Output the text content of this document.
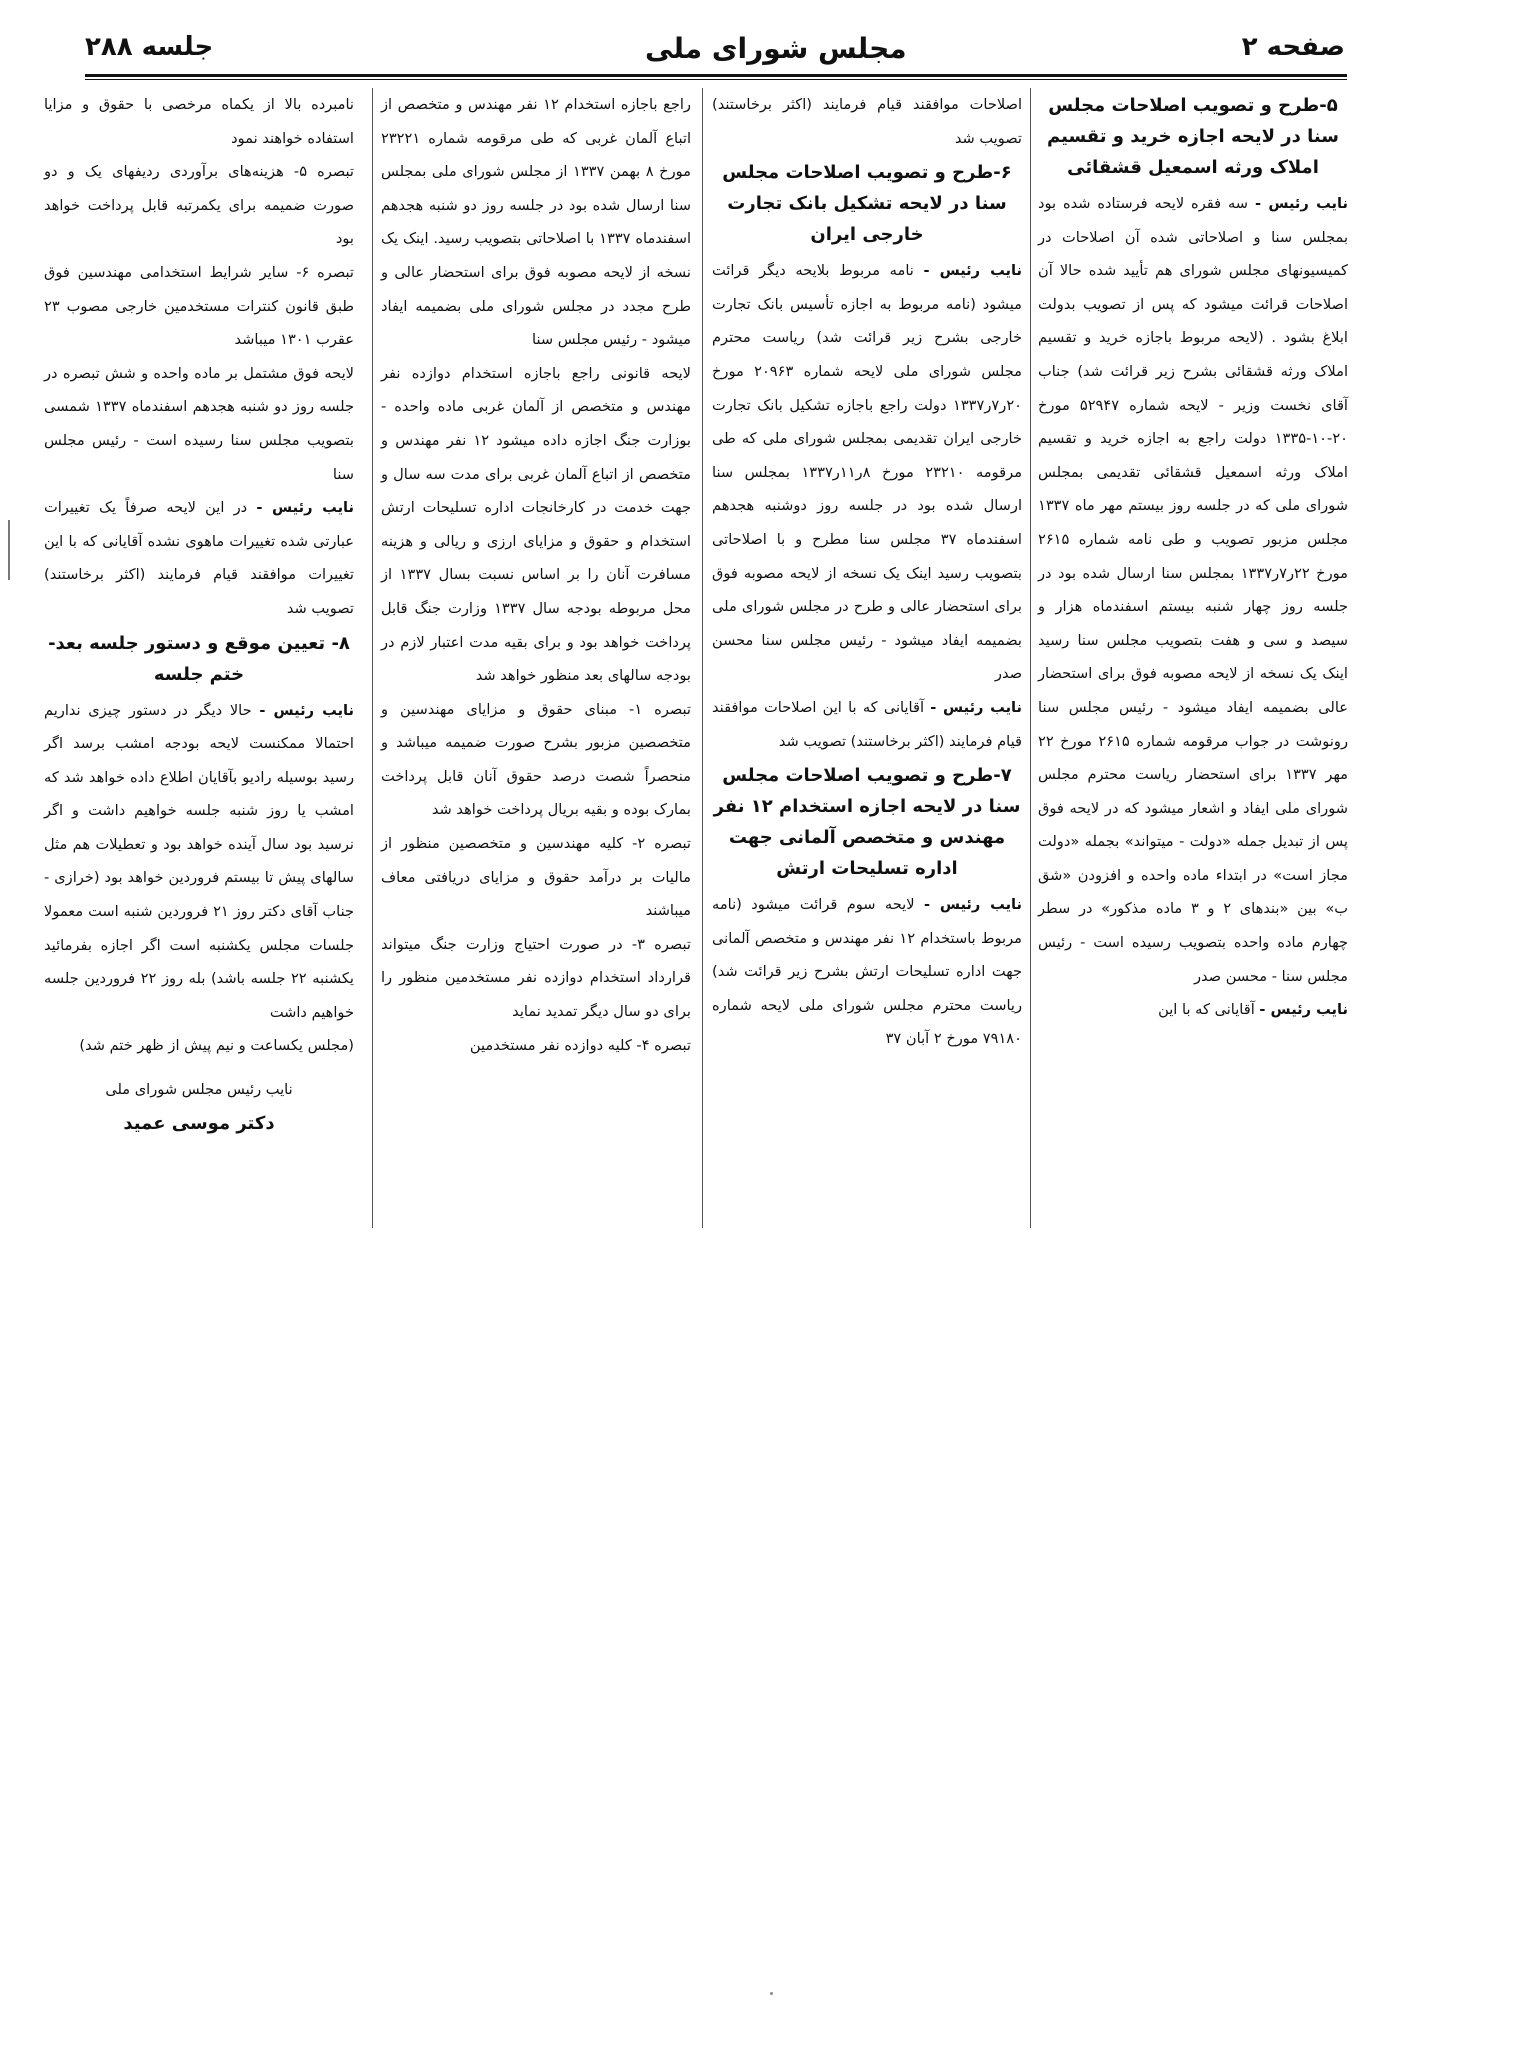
صفحه ۲
مجلس شورای ملی
جلسه ۲۸۸

۵-طرح و تصویب اصلاحات مجلس سنا در لایحه اجازه خرید و تقسیم املاک ورثه اسمعیل قشقائی

نایب رئیس - سه فقره لایحه فرستاده شده بود بمجلس سنا و اصلاحاتی شده آن اصلاحات در کمیسیونهای مجلس شورای هم تأیید شده حالا آن اصلاحات قرائت میشود که پس از تصویب بدولت ابلاغ بشود . (لایحه مربوط باجازه خرید و تقسیم املاک ورثه قشقائی بشرح زیر قرائت شد) جناب آقای نخست وزیر - لایحه شماره ۵۲۹۴۷ مورخ ۲۰-۱۰-۱۳۳۵ دولت راجع به اجازه خرید و تقسیم املاک ورثه اسمعیل قشقائی تقدیمی بمجلس شورای ملی که در جلسه روز بیستم مهر ماه ۱۳۳۷ مجلس مزبور تصویب و طی نامه شماره ۲۶۱۵ مورخ ۲۲ر۷ر۱۳۳۷ بمجلس سنا ارسال شده بود در جلسه روز چهار شنبه بیستم اسفندماه هزار و سیصد و سی و هفت بتصویب مجلس سنا رسید اینک یک نسخه از لایحه مصوبه فوق برای استحضار عالی بضمیمه ایفاد میشود - رئیس مجلس سنا رونوشت در جواب مرقومه شماره ۲۶۱۵ مورخ ۲۲ مهر ۱۳۳۷ برای استحضار ریاست محترم مجلس شورای ملی ایفاد و اشعار میشود که در لایحه فوق پس از تبدیل جمله «دولت - میتواند» بجمله «دولت مجاز است» در ابتداء ماده واحده و افزودن «شق ب» بین «بندهای ۲ و ۳ ماده مذکور» در سطر چهارم ماده واحده بتصویب رسیده است - رئیس مجلس سنا - محسن صدر

نایب رئیس - آقایانی که با این

اصلاحات موافقند قیام فرمایند (اکثر برخاستند) تصویب شد

۶-طرح و تصویب اصلاحات مجلس سنا در لایحه تشکیل بانک تجارت خارجی ایران

نایب رئیس - نامه مربوط بلایحه دیگر قرائت میشود (نامه مربوط به اجازه تأسیس بانک تجارت خارجی بشرح زیر قرائت شد) ریاست محترم مجلس شورای ملی لایحه شماره ۲۰۹۶۳ مورخ ۲۰ر۷ر۱۳۳۷ دولت راجع باجازه تشکیل بانک تجارت خارجی ایران تقدیمی بمجلس شورای ملی که طی مرقومه ۲۳۲۱۰ مورخ ۸ر۱۱ر۱۳۳۷ بمجلس سنا ارسال شده بود در جلسه روز دوشنبه هجدهم اسفندماه ۳۷ مجلس سنا مطرح و با اصلاحاتی بتصویب رسید اینک یک نسخه از لایحه مصوبه فوق برای استحضار عالی و طرح در مجلس شورای ملی بضمیمه ایفاد میشود - رئیس مجلس سنا محسن صدر

نایب رئیس - آقایانی که با این اصلاحات موافقند قیام فرمایند (اکثر برخاستند) تصویب شد

۷-طرح و تصویب اصلاحات مجلس سنا در لایحه اجازه استخدام ۱۲ نفر مهندس و متخصص آلمانی جهت اداره تسلیحات ارتش

نایب رئیس - لایحه سوم قرائت میشود (نامه مربوط باستخدام ۱۲ نفر مهندس و متخصص آلمانی جهت اداره تسلیحات ارتش بشرح زیر قرائت شد) ریاست محترم مجلس شورای ملی لایحه شماره ۷۹۱۸۰ مورخ ۲ آبان ۳۷

راجع باجازه استخدام ۱۲ نفر مهندس و متخصص از اتباع آلمان غربی که طی مرقومه شماره ۲۳۲۲۱ مورخ ۸ بهمن ۱۳۳۷ از مجلس شورای ملی بمجلس سنا ارسال شده بود در جلسه روز دو شنبه هجدهم اسفندماه ۱۳۳۷ با اصلاحاتی بتصویب رسید. اینک یک نسخه از لایحه مصوبه فوق برای استحضار عالی و طرح مجدد در مجلس شورای ملی بضمیمه ایفاد میشود - رئیس مجلس سنا

لایحه قانونی راجع باجازه استخدام دوازده نفر مهندس و متخصص از آلمان غربی ماده واحده - بوزارت جنگ اجازه داده میشود ۱۲ نفر مهندس و متخصص از اتباع آلمان غربی برای مدت سه سال و جهت خدمت در کارخانجات اداره تسلیحات ارتش استخدام و حقوق و مزایای ارزی و ریالی و هزینه مسافرت آنان را بر اساس نسبت بسال ۱۳۳۷ از محل مربوطه بودجه سال ۱۳۳۷ وزارت جنگ قابل پرداخت خواهد بود و برای بقیه مدت اعتبار لازم در بودجه سالهای بعد منظور خواهد شد

تبصره ۱- مبنای حقوق و مزایای مهندسین و متخصصین مزبور بشرح صورت ضمیمه میباشد و منحصراً شصت درصد حقوق آنان قابل پرداخت بمارک بوده و بقیه بریال پرداخت خواهد شد

تبصره ۲- کلیه مهندسین و متخصصین منظور از مالیات بر درآمد حقوق و مزایای دریافتی معاف میباشند

تبصره ۳- در صورت احتیاج وزارت جنگ میتواند قرارداد استخدام دوازده نفر مستخدمین منظور را برای دو سال دیگر تمدید نماید

تبصره ۴- کلیه دوازده نفر مستخدمین

نامبرده بالا از یکماه مرخصی با حقوق و مزایا استفاده خواهند نمود

تبصره ۵- هزینه‌های برآوردی ردیفهای یک و دو صورت ضمیمه برای یکمرتبه قابل پرداخت خواهد بود

تبصره ۶- سایر شرایط استخدامی مهندسین فوق طبق قانون کنترات مستخدمین خارجی مصوب ۲۳ عقرب ۱۳۰۱ میباشد

لایحه فوق مشتمل بر ماده واحده و شش تبصره در جلسه روز دو شنبه هجدهم اسفندماه ۱۳۳۷ شمسی بتصویب مجلس سنا رسیده است - رئیس مجلس سنا

نایب رئیس - در این لایحه صرفاً یک تغییرات عبارتی شده تغییرات ماهوی نشده آقایانی که با این تغییرات موافقند قیام فرمایند (اکثر برخاستند) تصویب شد

۸- تعیین موقع و دستور جلسه بعد- ختم جلسه

نایب رئیس - حالا دیگر در دستور چیزی نداریم احتمالا ممکنست لایحه بودجه امشب برسد اگر رسید بوسیله رادیو بآقایان اطلاع داده خواهد شد که امشب یا روز شنبه جلسه خواهیم داشت و اگر نرسید بود سال آینده خواهد بود و تعطیلات هم مثل سالهای پیش تا بیستم فروردین خواهد بود (خرازی - جناب آقای دکتر روز ۲۱ فروردین شنبه است معمولا جلسات مجلس یکشنبه است اگر اجازه بفرمائید یکشنبه ۲۲ جلسه باشد) بله روز ۲۲ فروردین جلسه خواهیم داشت

(مجلس یکساعت و نیم پیش از ظهر ختم شد)

نایب رئیس مجلس شورای ملی

دکتر موسی عمید
